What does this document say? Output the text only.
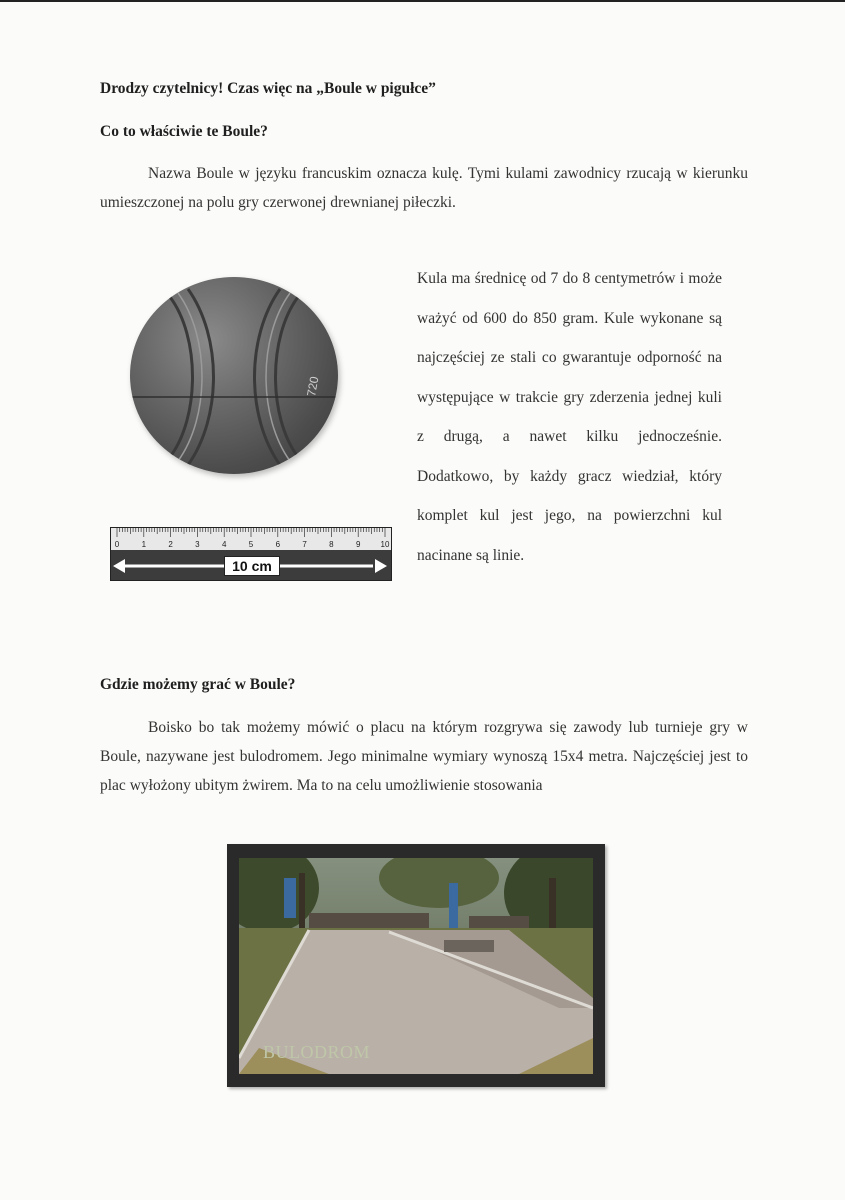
Drodzy czytelnicy! Czas więc na „Boule w pigułce”
Co to właściwie te Boule?
Nazwa Boule w języku francuskim oznacza kulę. Tymi kulami zawodnicy rzucają w kierunku umieszczonej na polu gry czerwonej drewnianej piłeczki.
720
0	1	2	3	4	5	6	7	8	9	10
10 cm
Kula ma średnicę od 7 do 8 centymetrów i może ważyć od 600 do 850 gram. Kule wykonane są najczęściej ze stali co gwarantuje odporność na występujące w trakcie gry zderzenia jednej kuli z drugą, a nawet kilku jednocześnie. Dodatkowo, by każdy gracz wiedział, który komplet kul jest jego, na powierzchni kul nacinane są linie.
Gdzie możemy grać w Boule?
Boisko bo tak możemy mówić o placu na którym rozgrywa się zawody lub turnieje gry w Boule, nazywane jest bulodromem. Jego minimalne wymiary wynoszą 15x4 metra. Najczęściej jest to plac wyłożony ubitym żwirem. Ma to na celu umożliwienie stosowania
BULODROM
